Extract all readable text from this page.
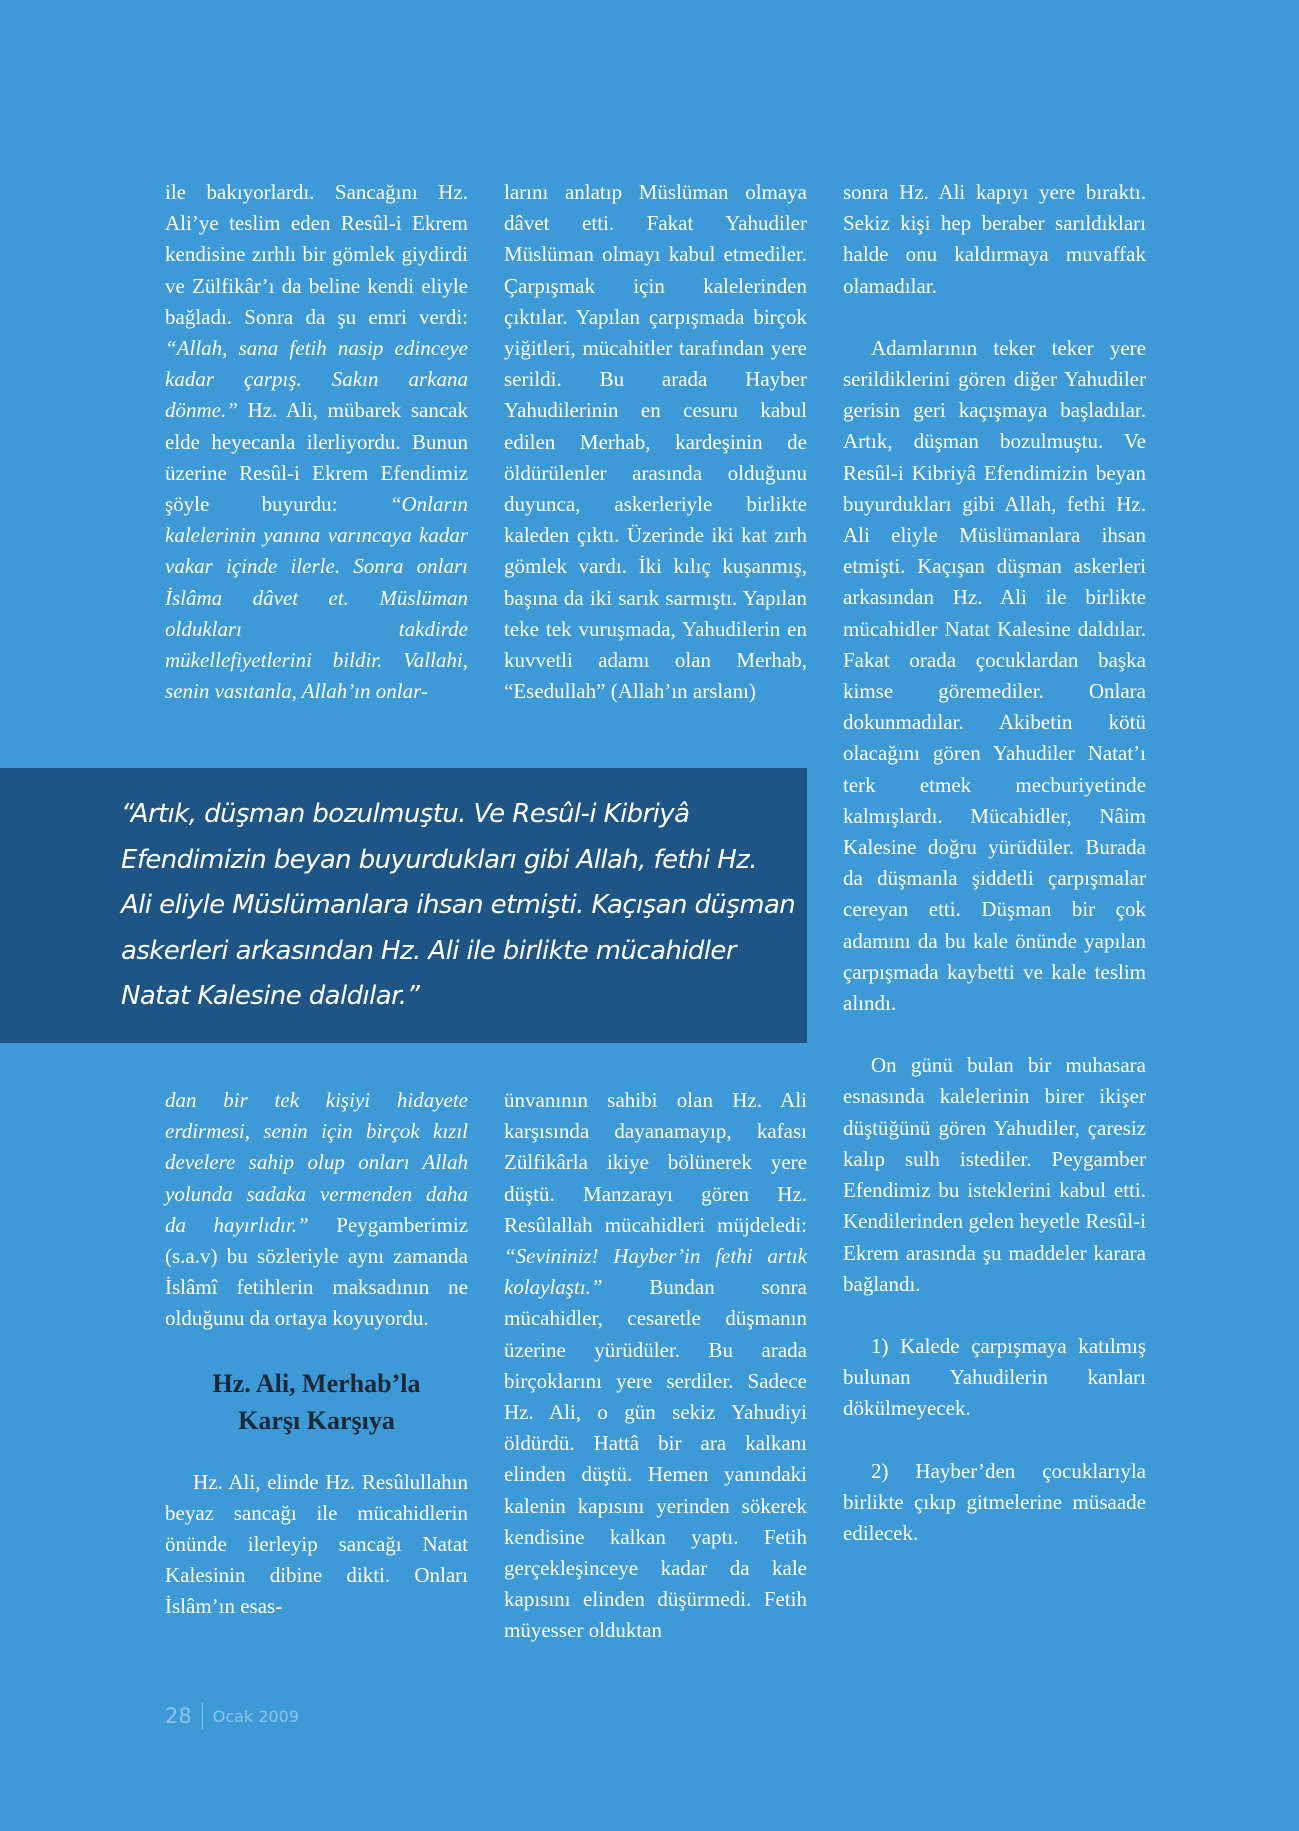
ile bakıyorlardı. Sancağını Hz. Ali’ye teslim eden Resûl-i Ekrem kendisine zırhlı bir gömlek giydirdi ve Zülfikâr’ı da beline kendi eliyle bağladı. Sonra da şu emri verdi: “Allah, sana fetih nasip edinceye kadar çarpış. Sakın arkana dönme.” Hz. Ali, mübarek sancak elde heyecanla ilerliyordu. Bunun üzerine Resûl-i Ekrem Efendimiz şöyle buyurdu: “Onların kalelerinin yanına varıncaya kadar vakar içinde ilerle. Sonra onları İslâma dâvet et. Müslüman oldukları takdirde mükellefiyetlerini bildir. Vallahi, senin vasıtanla, Allah’ın onlar-

larını anlatıp Müslüman olmaya dâvet etti. Fakat Yahudiler Müslüman olmayı kabul etmediler. Çarpışmak için kalelerinden çıktılar. Yapılan çarpışmada birçok yiğitleri, mücahitler tarafından yere serildi. Bu arada Hayber Yahudilerinin en cesuru kabul edilen Merhab, kardeşinin de öldürülenler arasında olduğunu duyunca, askerleriyle birlikte kaleden çıktı. Üzerinde iki kat zırh gömlek vardı. İki kılıç kuşanmış, başına da iki sarık sarmıştı. Yapılan teke tek vuruşmada, Yahudilerin en kuvvetli adamı olan Merhab, “Esedullah” (Allah’ın arslanı)

sonra Hz. Ali kapıyı yere bıraktı. Sekiz kişi hep beraber sarıldıkları halde onu kaldırmaya muvaffak olamadılar.

Adamlarının teker teker yere serildiklerini gören diğer Yahudiler gerisin geri kaçışmaya başladılar. Artık, düşman bozulmuştu. Ve Resûl-i Kibriyâ Efendimizin beyan buyurdukları gibi Allah, fethi Hz. Ali eliyle Müslümanlara ihsan etmişti. Kaçışan düşman askerleri arkasından Hz. Ali ile birlikte mücahidler Natat Kalesine daldılar. Fakat orada çocuklardan başka kimse göremediler. Onlara dokunmadılar. Akibetin kötü olacağını gören Yahudiler Natat’ı terk etmek mecburiyetinde kalmışlardı. Mücahidler, Nâim Kalesine doğru yürüdüler. Burada da düşmanla şiddetli çarpışmalar cereyan etti. Düşman bir çok adamını da bu kale önünde yapılan çarpışmada kaybetti ve kale teslim alındı.

On günü bulan bir muhasara esnasında kalelerinin birer ikişer düştüğünü gören Yahudiler, çaresiz kalıp sulh istediler. Peygamber Efendimiz bu isteklerini kabul etti. Kendilerinden gelen heyetle Resûl-i Ekrem arasında şu maddeler karara bağlandı.

1) Kalede çarpışmaya katılmış bulunan Yahudilerin kanları dökülmeyecek.

2) Hayber’den çocuklarıyla birlikte çıkıp gitmelerine müsaade edilecek.

“Artık, düşman bozulmuştu. Ve Resûl-i Kibriyâ
Efendimizin beyan buyurdukları gibi Allah, fethi Hz.
Ali eliyle Müslümanlara ihsan etmişti. Kaçışan düşman
askerleri arkasından Hz. Ali ile birlikte mücahidler
Natat Kalesine daldılar.”

dan bir tek kişiyi hidayete erdirmesi, senin için birçok kızıl develere sahip olup onları Allah yolunda sadaka vermenden daha da hayırlıdır.” Peygamberimiz (s.a.v) bu sözleriyle aynı zamanda İslâmî fetihlerin maksadının ne olduğunu da ortaya koyuyordu.

Hz. Ali, Merhab’la
Karşı Karşıya

Hz. Ali, elinde Hz. Resûlullahın beyaz sancağı ile mücahidlerin önünde ilerleyip sancağı Natat Kalesinin dibine dikti. Onları İslâm’ın esas-

ünvanının sahibi olan Hz. Ali karşısında dayanamayıp, kafası Zülfikârla ikiye bölünerek yere düştü. Manzarayı gören Hz. Resûlallah mücahidleri müjdeledi: “Sevininiz! Hayber’in fethi artık kolaylaştı.” Bundan sonra mücahidler, cesaretle düşmanın üzerine yürüdüler. Bu arada birçoklarını yere serdiler. Sadece Hz. Ali, o gün sekiz Yahudiyi öldürdü. Hattâ bir ara kalkanı elinden düştü. Hemen yanındaki kalenin kapısını yerinden sökerek kendisine kalkan yaptı. Fetih gerçekleşinceye kadar da kale kapısını elinden düşürmedi. Fetih müyesser olduktan

28 Ocak 2009
